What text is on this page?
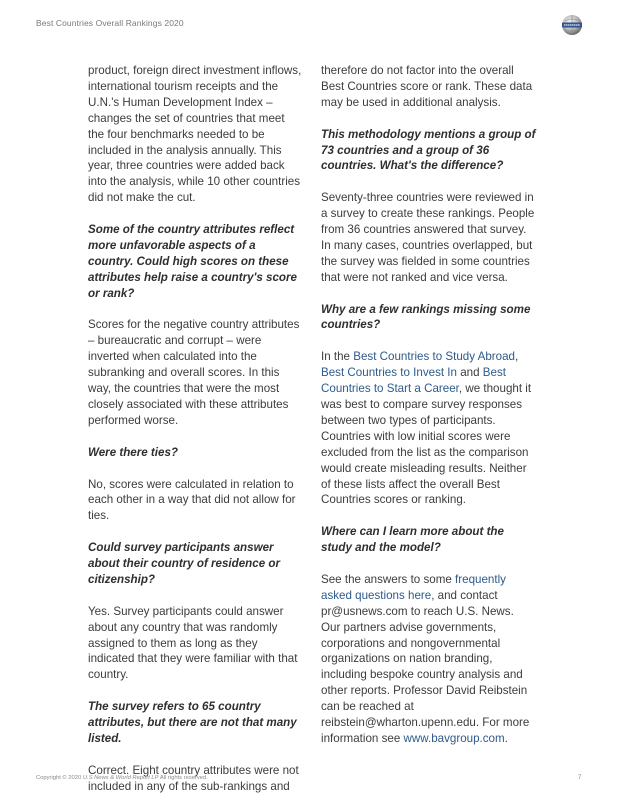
Best Countries Overall Rankings 2020

product, foreign direct investment inflows, international tourism receipts and the U.N.'s Human Development Index – changes the set of countries that meet the four benchmarks needed to be included in the analysis annually. This year, three countries were added back into the analysis, while 10 other countries did not make the cut.

Some of the country attributes reflect more unfavorable aspects of a country. Could high scores on these attributes help raise a country's score or rank?

Scores for the negative country attributes – bureaucratic and corrupt – were inverted when calculated into the subranking and overall scores. In this way, the countries that were the most closely associated with these attributes performed worse.

Were there ties?

No, scores were calculated in relation to each other in a way that did not allow for ties.

Could survey participants answer about their country of residence or citizenship?

Yes. Survey participants could answer about any country that was randomly assigned to them as long as they indicated that they were familiar with that country.

The survey refers to 65 country attributes, but there are not that many listed.

Correct. Eight country attributes were not included in any of the sub-rankings and

therefore do not factor into the overall Best Countries score or rank. These data may be used in additional analysis.

This methodology mentions a group of 73 countries and a group of 36 countries. What's the difference?

Seventy-three countries were reviewed in a survey to create these rankings. People from 36 countries answered that survey. In many cases, countries overlapped, but the survey was fielded in some countries that were not ranked and vice versa.

Why are a few rankings missing some countries?

In the Best Countries to Study Abroad, Best Countries to Invest In and Best Countries to Start a Career, we thought it was best to compare survey responses between two types of participants. Countries with low initial scores were excluded from the list as the comparison would create misleading results. Neither of these lists affect the overall Best Countries scores or ranking.

Where can I learn more about the study and the model?

See the answers to some frequently asked questions here, and contact pr@usnews.com to reach U.S. News. Our partners advise governments, corporations and nongovernmental organizations on nation branding, including bespoke country analysis and other reports. Professor David Reibstein can be reached at reibstein@wharton.upenn.edu. For more information see www.bavgroup.com.

Copyright © 2020 U.S News & World Report LP All rights reserved.	7
